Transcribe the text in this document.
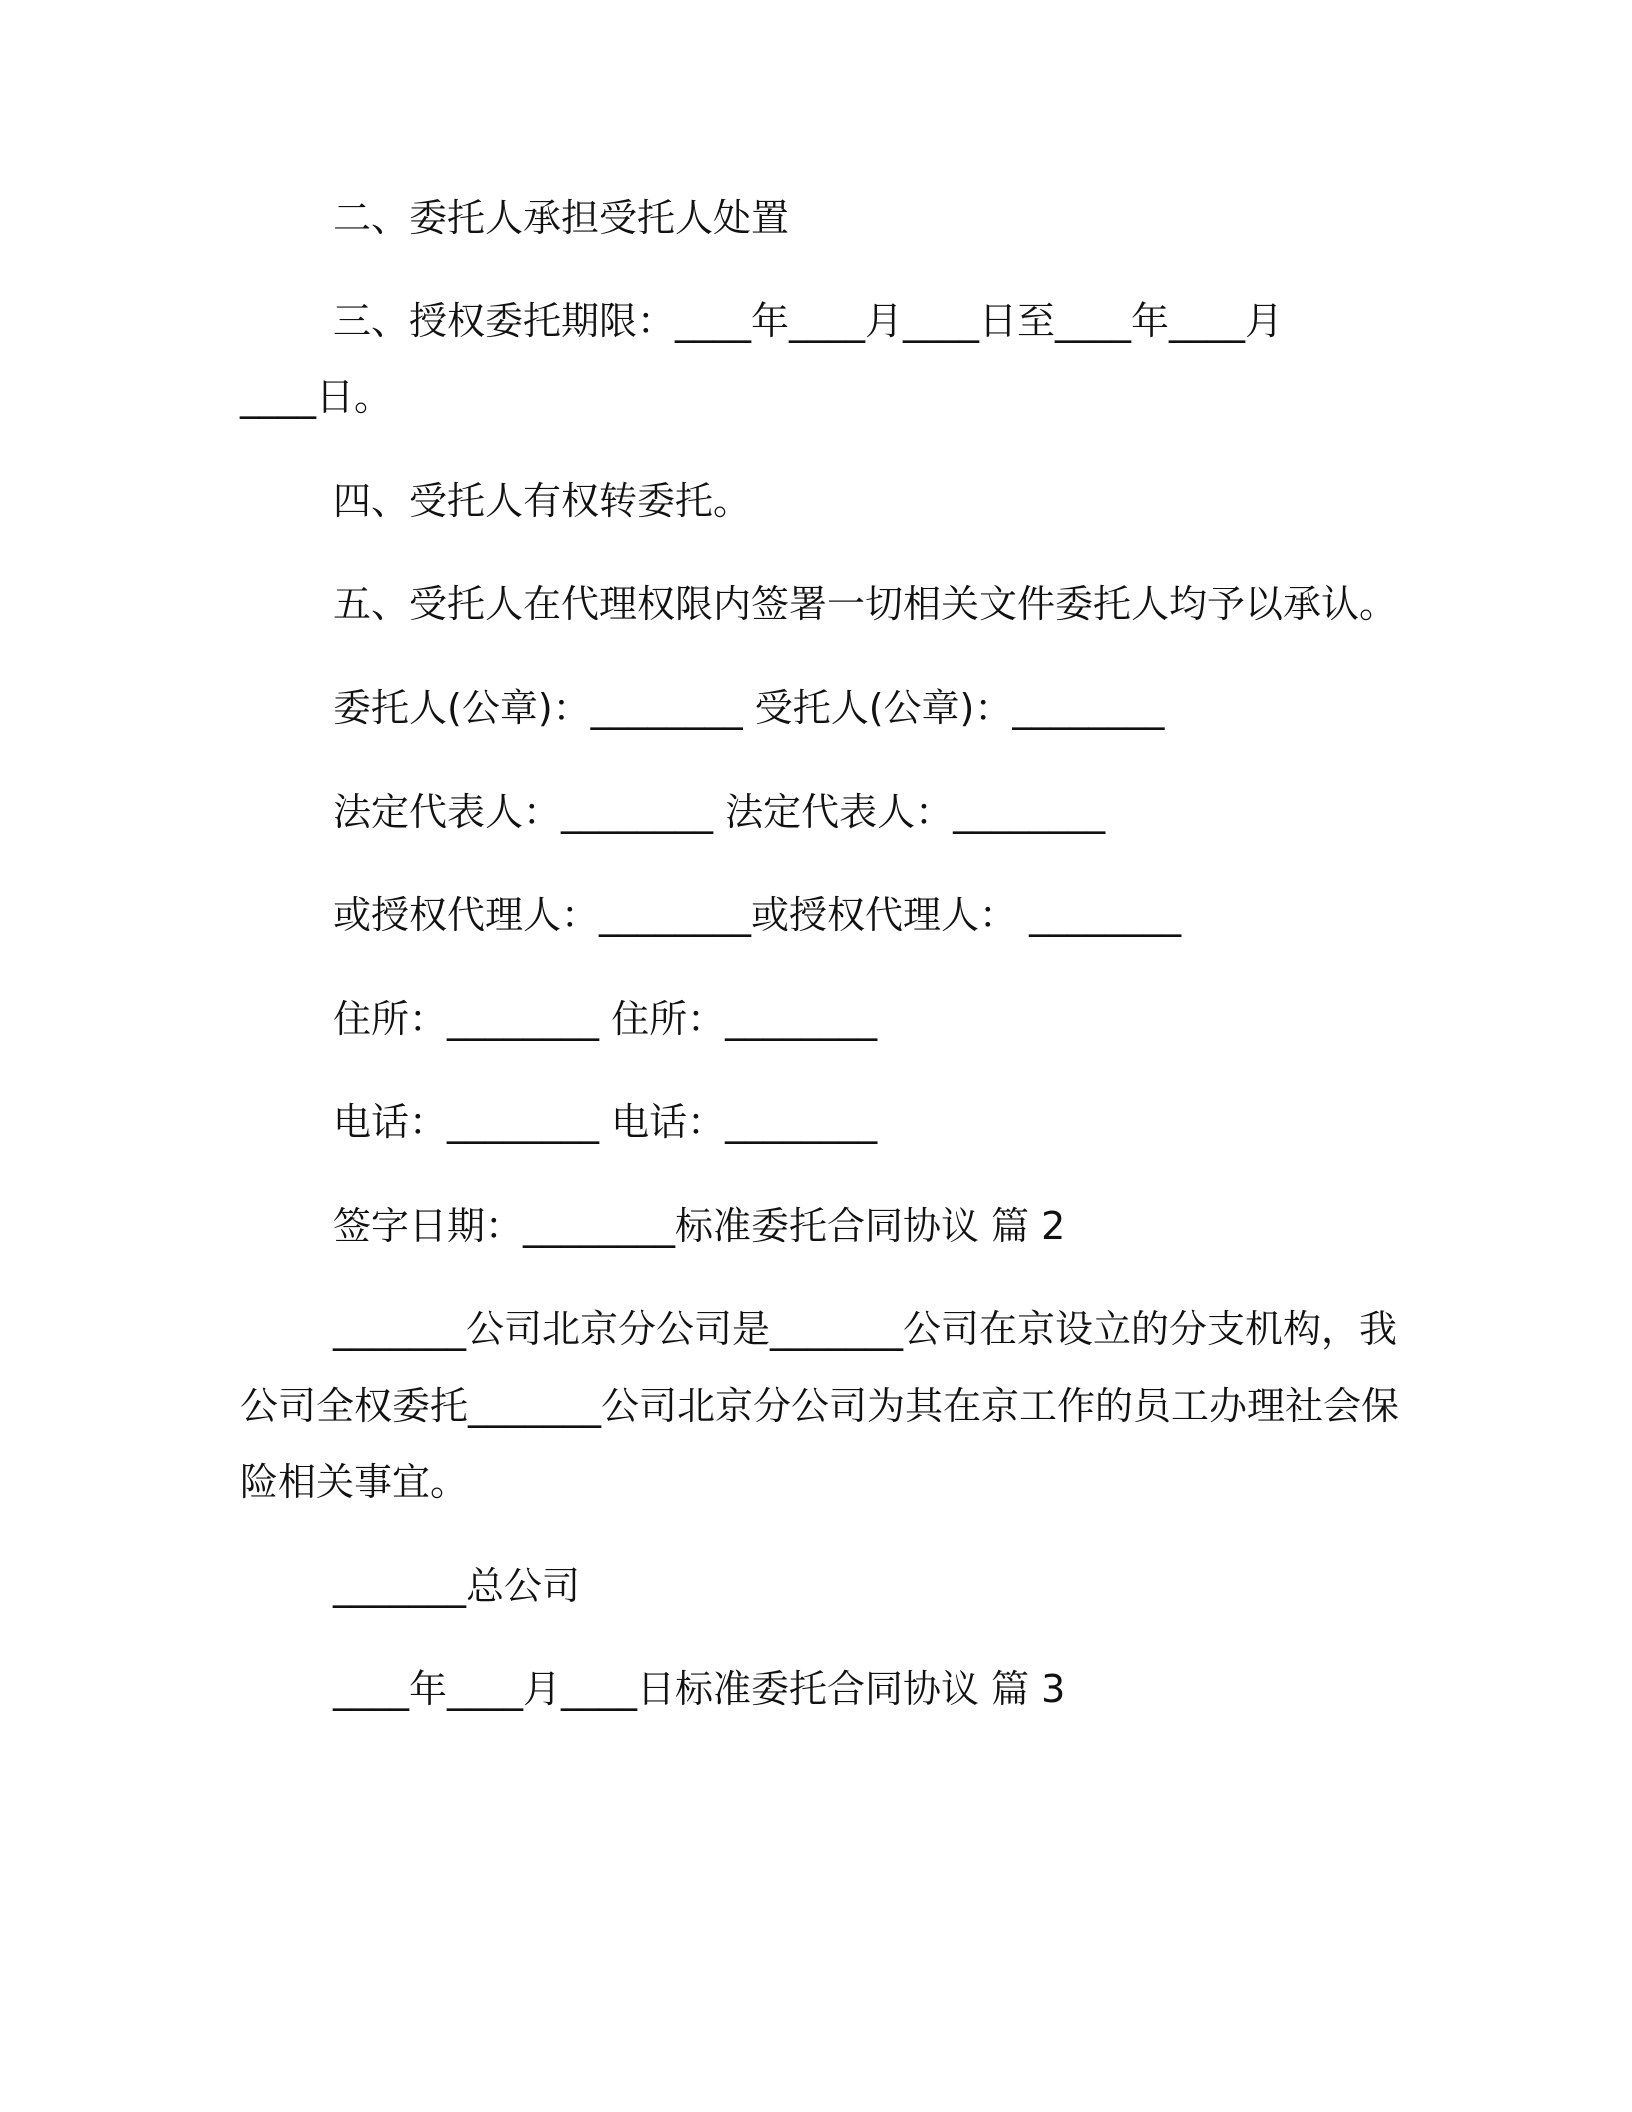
二、委托人承担受托人处置
三、授权委托期限：____年____月____日至____年____月
____日。
四、受托人有权转委托。
五、受托人在代理权限内签署一切相关文件委托人均予以承认。
委托人(公章)：________ 受托人(公章)：________
法定代表人：________ 法定代表人：________
或授权代理人：________或授权代理人： ________
住所：________ 住所：________
电话：________ 电话：________
签字日期：________标准委托合同协议 篇 2
_______公司北京分公司是_______公司在京设立的分支机构，我
公司全权委托_______公司北京分公司为其在京工作的员工办理社会保
险相关事宜。
_______总公司
____年____月____日标准委托合同协议 篇 3
